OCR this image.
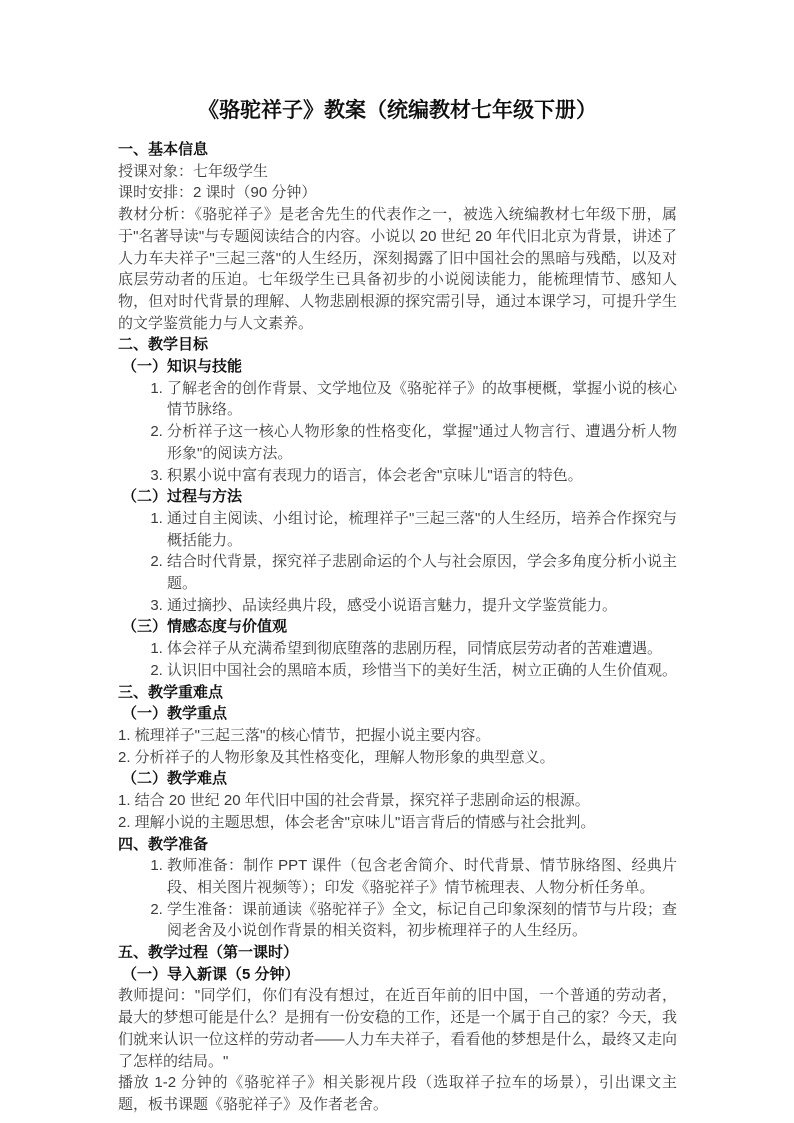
《骆驼祥子》教案（统编教材七年级下册）
一、基本信息

授课对象：七年级学生

课时安排：2 课时（90 分钟）

教材分析：《骆驼祥子》是老舍先生的代表作之一，被选入统编教材七年级下册，属于"名著导读"与专题阅读结合的内容。小说以 20 世纪 20 年代旧北京为背景，讲述了人力车夫祥子"三起三落"的人生经历，深刻揭露了旧中国社会的黑暗与残酷，以及对底层劳动者的压迫。七年级学生已具备初步的小说阅读能力，能梳理情节、感知人物，但对时代背景的理解、人物悲剧根源的探究需引导，通过本课学习，可提升学生的文学鉴赏能力与人文素养。

二、教学目标
（一）知识与技能
1. 了解老舍的创作背景、文学地位及《骆驼祥子》的故事梗概，掌握小说的核心情节脉络。
2. 分析祥子这一核心人物形象的性格变化，掌握"通过人物言行、遭遇分析人物形象"的阅读方法。
3. 积累小说中富有表现力的语言，体会老舍"京味儿"语言的特色。
（二）过程与方法
1. 通过自主阅读、小组讨论，梳理祥子"三起三落"的人生经历，培养合作探究与概括能力。
2. 结合时代背景，探究祥子悲剧命运的个人与社会原因，学会多角度分析小说主题。
3. 通过摘抄、品读经典片段，感受小说语言魅力，提升文学鉴赏能力。
（三）情感态度与价值观
1. 体会祥子从充满希望到彻底堕落的悲剧历程，同情底层劳动者的苦难遭遇。
2. 认识旧中国社会的黑暗本质，珍惜当下的美好生活，树立正确的人生价值观。
三、教学重难点
（一）教学重点

1. 梳理祥子"三起三落"的核心情节，把握小说主要内容。

2. 分析祥子的人物形象及其性格变化，理解人物形象的典型意义。

（二）教学难点

1. 结合 20 世纪 20 年代旧中国的社会背景，探究祥子悲剧命运的根源。

2. 理解小说的主题思想，体会老舍"京味儿"语言背后的情感与社会批判。

四、教学准备
1. 教师准备：制作 PPT 课件（包含老舍简介、时代背景、情节脉络图、经典片段、相关图片视频等）；印发《骆驼祥子》情节梳理表、人物分析任务单。
2. 学生准备：课前通读《骆驼祥子》全文，标记自己印象深刻的情节与片段；查阅老舍及小说创作背景的相关资料，初步梳理祥子的人生经历。
五、教学过程（第一课时）
（一）导入新课（5 分钟）

教师提问："同学们，你们有没有想过，在近百年前的旧中国，一个普通的劳动者，最大的梦想可能是什么？是拥有一份安稳的工作，还是一个属于自己的家？今天，我们就来认识一位这样的劳动者——人力车夫祥子，看看他的梦想是什么，最终又走向了怎样的结局。"

播放 1-2 分钟的《骆驼祥子》相关影视片段（选取祥子拉车的场景），引出课文主题，板书课题《骆驼祥子》及作者老舍。
